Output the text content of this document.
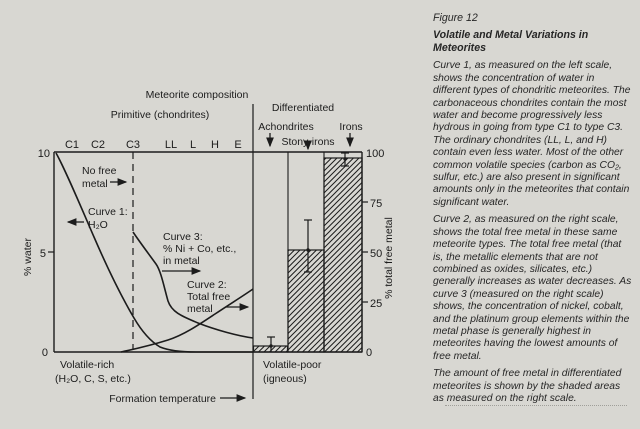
Meteorite composition
Primitive (chondrites)
Differentiated
Achondrites Irons
Stony-irons
C1 C2 C3 LL L H E
10
5
0
100
75
50
25
0
% water	% total free metal
No free
metal
Curve 1:
H₂O
Curve 3:
% Ni + Co, etc.,
in metal
Curve 2:
Total free
metal
Volatile-rich
(H₂O, C, S, etc.)
Volatile-poor
(igneous)
Formation temperature

Figure 12

Volatile and Metal Variations in Meteorites

Curve 1, as measured on the left scale, shows the concentration of water in different types of chondritic meteorites. The carbonaceous chondrites contain the most water and become progressively less hydrous in going from type C1 to type C3. The ordinary chondrites (LL, L, and H) contain even less water. Most of the other common volatile species (carbon as CO₂, sulfur, etc.) are also present in significant amounts only in the meteorites that contain significant water.

Curve 2, as measured on the right scale, shows the total free metal in these same meteorite types. The total free metal (that is, the metallic elements that are not combined as oxides, silicates, etc.) generally increases as water decreases. As curve 3 (measured on the right scale) shows, the concentration of nickel, cobalt, and the platinum group elements within the metal phase is generally highest in meteorites having the lowest amounts of free metal.

The amount of free metal in differentiated meteorites is shown by the shaded areas as measured on the right scale.
